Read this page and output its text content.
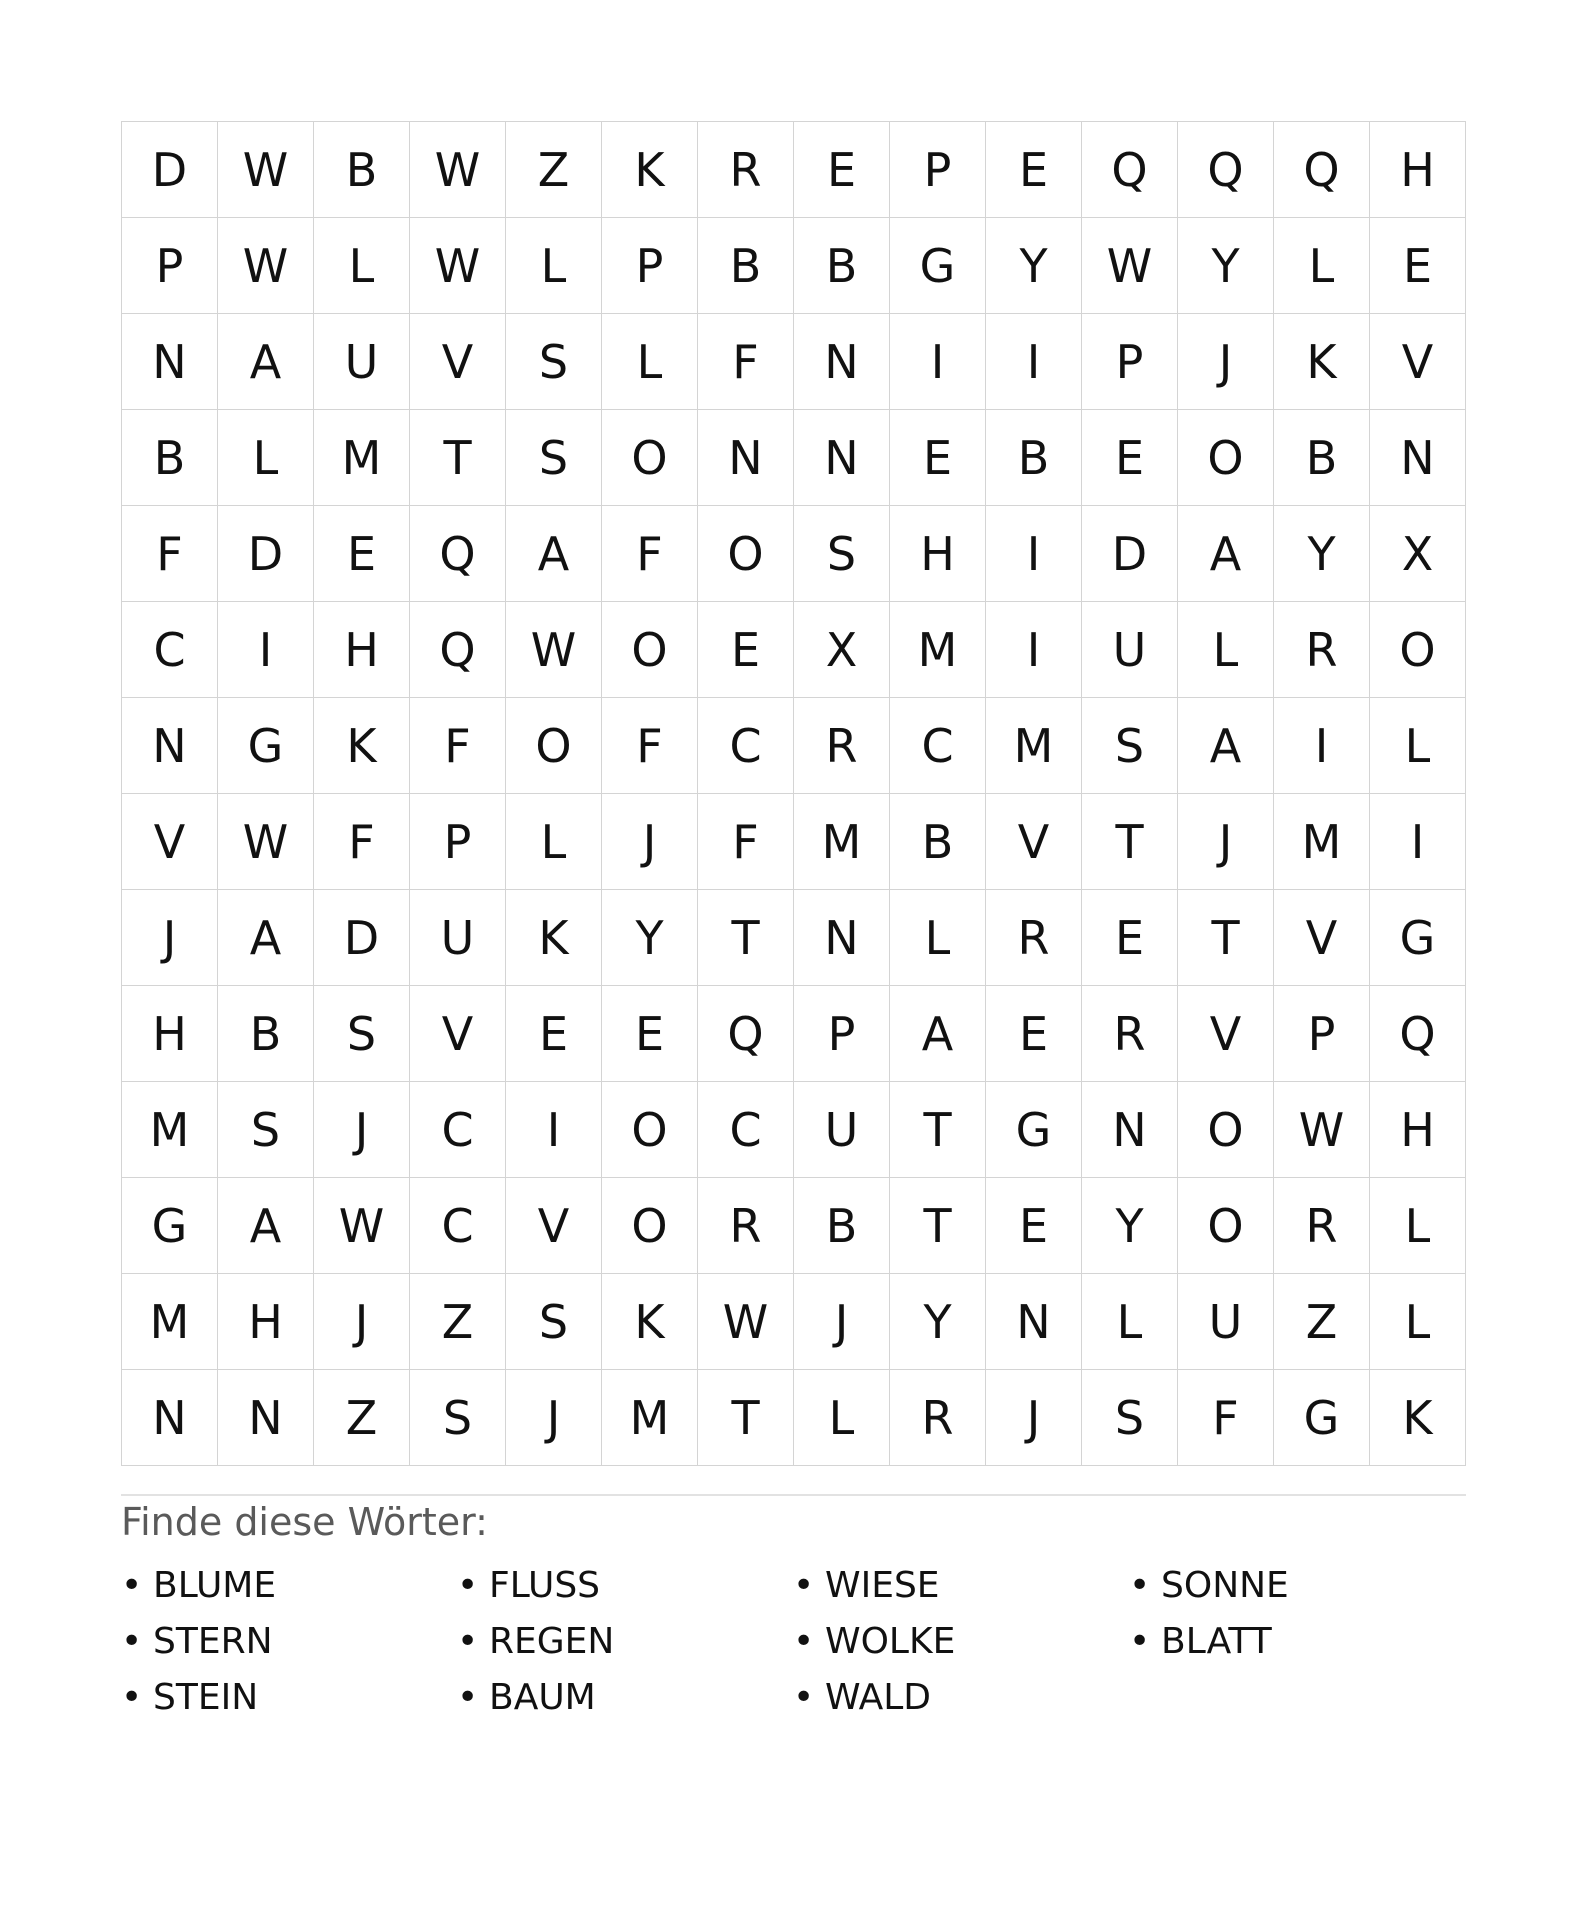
D	W	B	W	Z	K	R	E	P	E	Q	Q	Q	H
P	W	L	W	L	P	B	B	G	Y	W	Y	L	E
N	A	U	V	S	L	F	N	I	I	P	J	K	V
B	L	M	T	S	O	N	N	E	B	E	O	B	N
F	D	E	Q	A	F	O	S	H	I	D	A	Y	X
C	I	H	Q	W	O	E	X	M	I	U	L	R	O
N	G	K	F	O	F	C	R	C	M	S	A	I	L
V	W	F	P	L	J	F	M	B	V	T	J	M	I
J	A	D	U	K	Y	T	N	L	R	E	T	V	G
H	B	S	V	E	E	Q	P	A	E	R	V	P	Q
M	S	J	C	I	O	C	U	T	G	N	O	W	H
G	A	W	C	V	O	R	B	T	E	Y	O	R	L
M	H	J	Z	S	K	W	J	Y	N	L	U	Z	L
N	N	Z	S	J	M	T	L	R	J	S	F	G	K
Finde diese Wörter:
• BLUME	• FLUSS	• WIESE	• SONNE
• STERN	• REGEN	• WOLKE	• BLATT
• STEIN	• BAUM	• WALD
